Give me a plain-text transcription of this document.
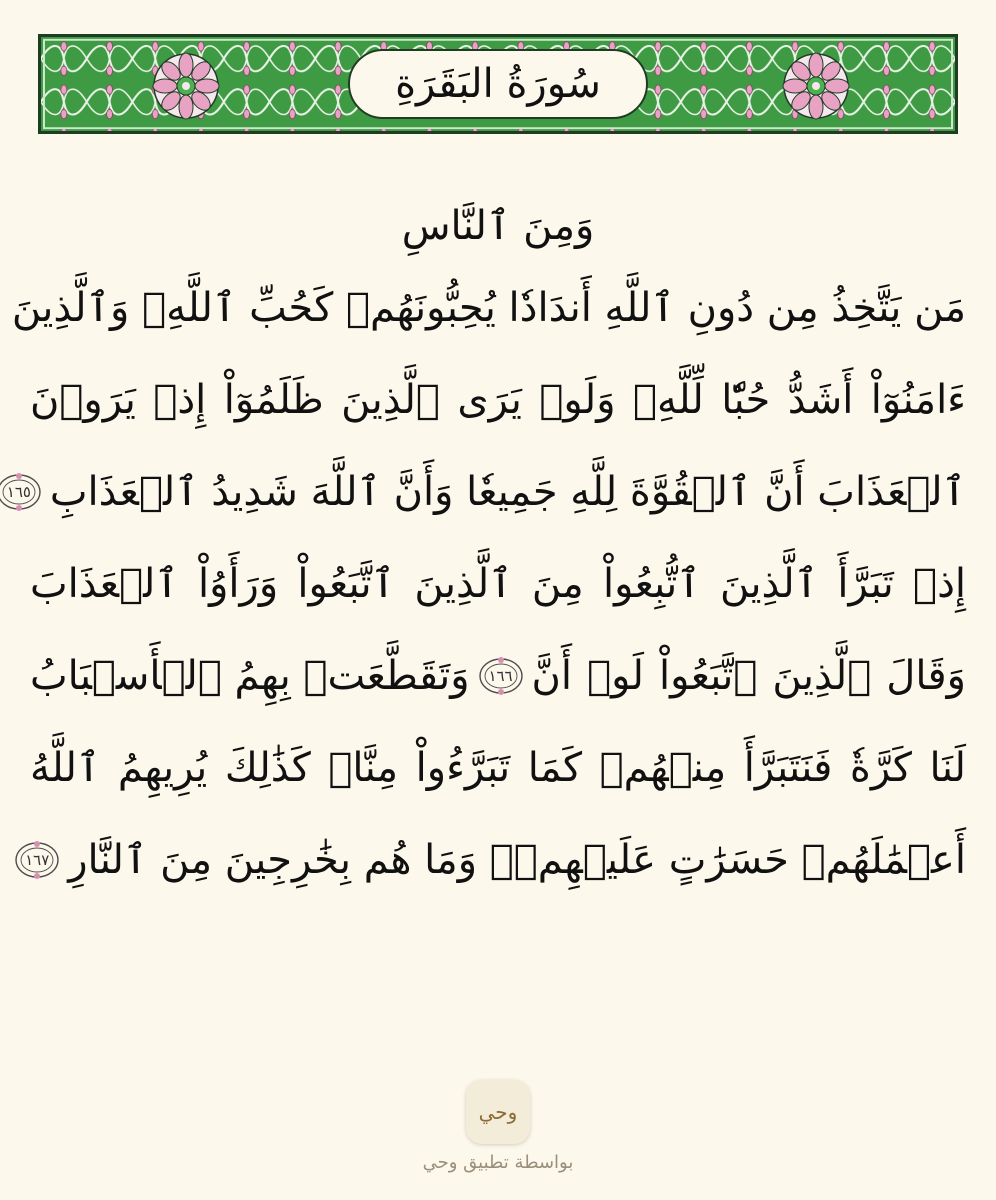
سُورَةُ البَقَرَةِ
وَمِنَ ٱلنَّاسِ
مَن يَتَّخِذُ مِن دُونِ ٱللَّهِ أَندَادٗا يُحِبُّونَهُمۡ كَحُبِّ ٱللَّهِۖ وَٱلَّذِينَ
ءَامَنُوٓاْ أَشَدُّ حُبّٗا لِّلَّهِۗ وَلَوۡ يَرَى ٱلَّذِينَ ظَلَمُوٓاْ إِذۡ يَرَوۡنَ
ٱلۡعَذَابَ أَنَّ ٱلۡقُوَّةَ لِلَّهِ جَمِيعٗا وَأَنَّ ٱللَّهَ شَدِيدُ ٱلۡعَذَابِ
١٦٥
إِذۡ تَبَرَّأَ ٱلَّذِينَ ٱتُّبِعُواْ مِنَ ٱلَّذِينَ ٱتَّبَعُواْ وَرَأَوُاْ ٱلۡعَذَابَ
وَقَالَ ٱلَّذِينَ ٱتَّبَعُواْ لَوۡ أَنَّ
١٦٦
وَتَقَطَّعَتۡ بِهِمُ ٱلۡأَسۡبَابُ
لَنَا كَرَّةٗ فَنَتَبَرَّأَ مِنۡهُمۡ كَمَا تَبَرَّءُواْ مِنَّاۗ كَذَٰلِكَ يُرِيهِمُ ٱللَّهُ
أَعۡمَٰلَهُمۡ حَسَرَٰتٍ عَلَيۡهِمۡۖ وَمَا هُم بِخَٰرِجِينَ مِنَ ٱلنَّارِ
١٦٧
وحي
بواسطة تطبيق وحي
